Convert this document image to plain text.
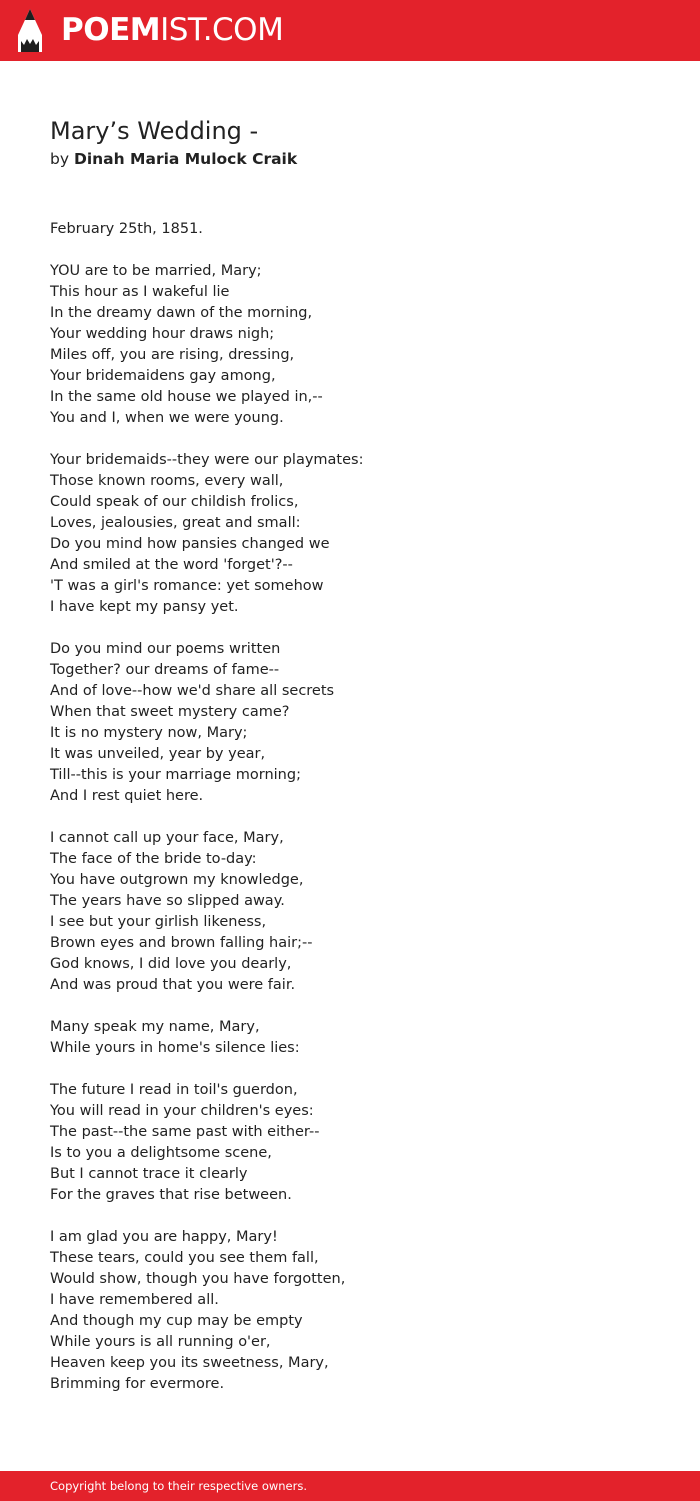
POEMIST.COM
Mary’s Wedding -
by Dinah Maria Mulock Craik
February 25th, 1851.
YOU are to be married, Mary;
This hour as I wakeful lie
In the dreamy dawn of the morning,
Your wedding hour draws nigh;
Miles off, you are rising, dressing,
Your bridemaidens gay among,
In the same old house we played in,--
You and I, when we were young.
Your bridemaids--they were our playmates:
Those known rooms, every wall,
Could speak of our childish frolics,
Loves, jealousies, great and small:
Do you mind how pansies changed we
And smiled at the word 'forget'?--
'T was a girl's romance: yet somehow
I have kept my pansy yet.
Do you mind our poems written
Together? our dreams of fame--
And of love--how we'd share all secrets
When that sweet mystery came?
It is no mystery now, Mary;
It was unveiled, year by year,
Till--this is your marriage morning;
And I rest quiet here.
I cannot call up your face, Mary,
The face of the bride to-day:
You have outgrown my knowledge,
The years have so slipped away.
I see but your girlish likeness,
Brown eyes and brown falling hair;--
God knows, I did love you dearly,
And was proud that you were fair.
Many speak my name, Mary,
While yours in home's silence lies:
The future I read in toil's guerdon,
You will read in your children's eyes:
The past--the same past with either--
Is to you a delightsome scene,
But I cannot trace it clearly
For the graves that rise between.
I am glad you are happy, Mary!
These tears, could you see them fall,
Would show, though you have forgotten,
I have remembered all.
And though my cup may be empty
While yours is all running o'er,
Heaven keep you its sweetness, Mary,
Brimming for evermore.
Copyright belong to their respective owners.
